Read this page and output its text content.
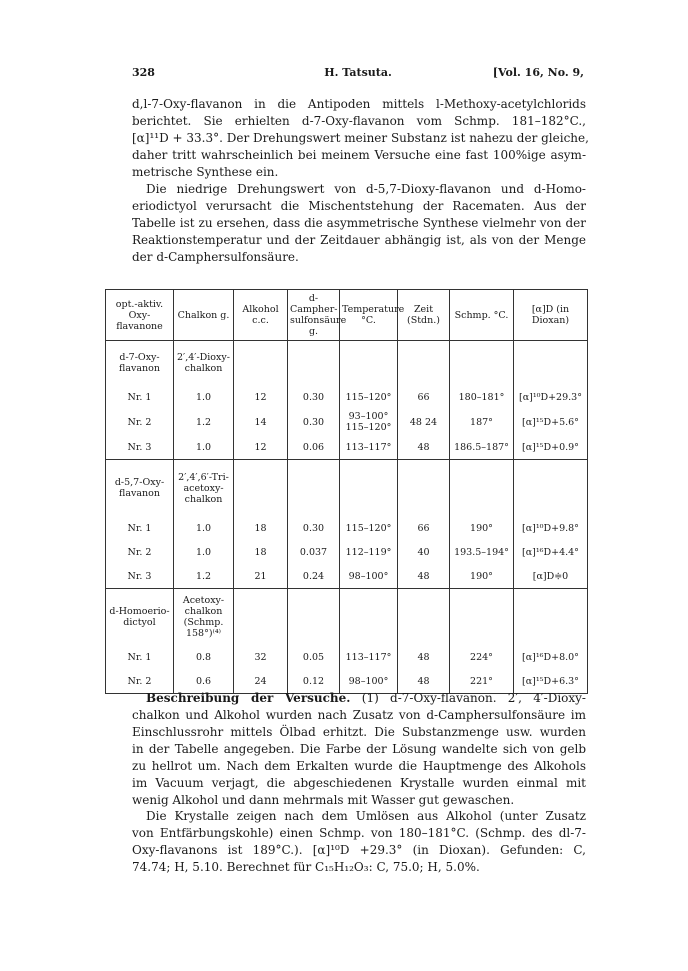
328	H. Tatsuta.	[Vol. 16, No. 9,
d,l-7-Oxy-flavanon in die Antipoden mittels l-Methoxy-acetylchlorids
berichtet. Sie erhielten d-7-Oxy-flavanon vom Schmp. 181–182°C.,
[α]¹¹D + 33.3°. Der Drehungswert meiner Substanz ist nahezu der gleiche,
daher tritt wahrscheinlich bei meinem Versuche eine fast 100%ige asym-
metrische Synthese ein.
Die niedrige Drehungswert von d-5,7-Dioxy-flavanon und d-Homo-
eriodictyol verursacht die Mischentstehung der Racematen. Aus der
Tabelle ist zu ersehen, dass die asymmetrische Synthese vielmehr von der
Reaktionstemperatur und der Zeitdauer abhängig ist, als von der Menge
der d-Camphersulfonsäure.
opt.-aktiv. Oxy-flavanone	Chalkon g.	Alkohol c.c.	d-Campher-sulfonsäure g.	Temperature °C.	Zeit (Stdn.)	Schmp. °C.	[α]D (in Dioxan)
d-7-Oxy-flavanon	2′,4′-Dioxy-chalkon						
Nr. 1	1.0	12	0.30	115–120°	66	180–181°	[α]¹⁰D+29.3°
Nr. 2	1.2	14	0.30	93–100° 115–120°	48 24	187°	[α]¹⁵D+5.6°
Nr. 3	1.0	12	0.06	113–117°	48	186.5–187°	[α]¹⁵D+0.9°
d-5,7-Oxy-flavanon	2′,4′,6′-Tri-acetoxy-chalkon						
Nr. 1	1.0	18	0.30	115–120°	66	190°	[α]¹⁰D+9.8°
Nr. 2	1.0	18	0.037	112–119°	40	193.5–194°	[α]¹⁶D+4.4°
Nr. 3	1.2	21	0.24	98–100°	48	190°	[α]D≑0
d-Homoerio-dictyol	Acetoxy-chalkon (Schmp. 158°)⁽⁴⁾						
Nr. 1	0.8	32	0.05	113–117°	48	224°	[α]¹⁶D+8.0°
Nr. 2	0.6	24	0.12	98–100°	48	221°	[α]¹⁵D+6.3°
Beschreibung der Versuche. (1) d-7-Oxy-flavanon. 2′, 4′-Dioxy-
chalkon und Alkohol wurden nach Zusatz von d-Camphersulfonsäure im
Einschlussrohr mittels Ölbad erhitzt. Die Substanzmenge usw. wurden
in der Tabelle angegeben. Die Farbe der Lösung wandelte sich von gelb
zu hellrot um. Nach dem Erkalten wurde die Hauptmenge des Alkohols
im Vacuum verjagt, die abgeschiedenen Krystalle wurden einmal mit
wenig Alkohol und dann mehrmals mit Wasser gut gewaschen.
Die Krystalle zeigen nach dem Umlösen aus Alkohol (unter Zusatz
von Entfärbungskohle) einen Schmp. von 180–181°C. (Schmp. des dl-7-
Oxy-flavanons ist 189°C.). [α]¹⁰D +29.3° (in Dioxan). Gefunden: C,
74.74; H, 5.10. Berechnet für C₁₅H₁₂O₃: C, 75.0; H, 5.0%.
